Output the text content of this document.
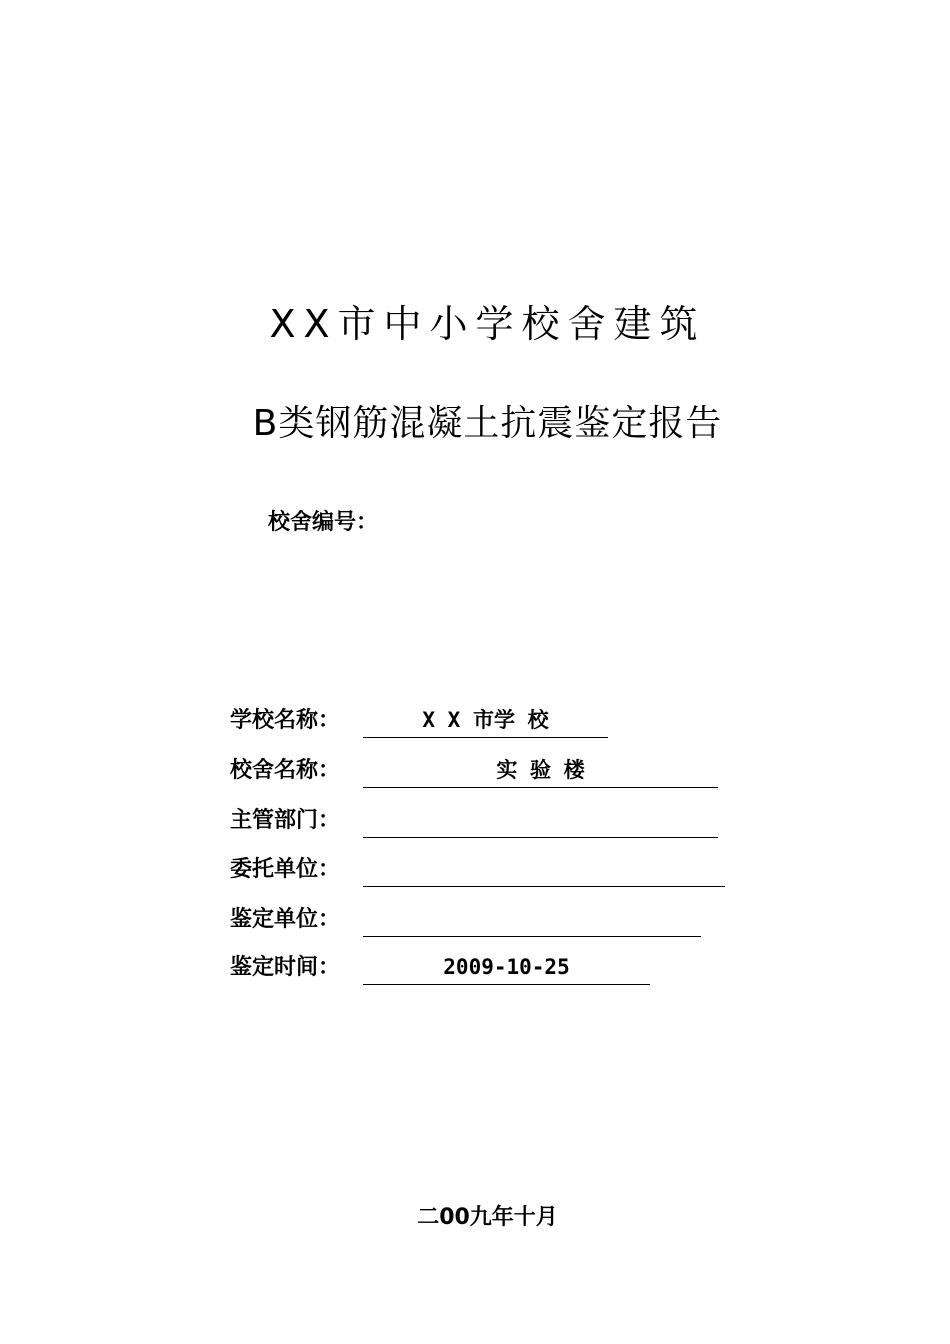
XX市中小学校舍建筑
B类钢筋混凝土抗震鉴定报告
校舍编号：
学校名称：	X X 市学 校
校舍名称：	实 验 楼
主管部门：
委托单位：
鉴定单位：
鉴定时间：	2009-10-25
二00九年十月
